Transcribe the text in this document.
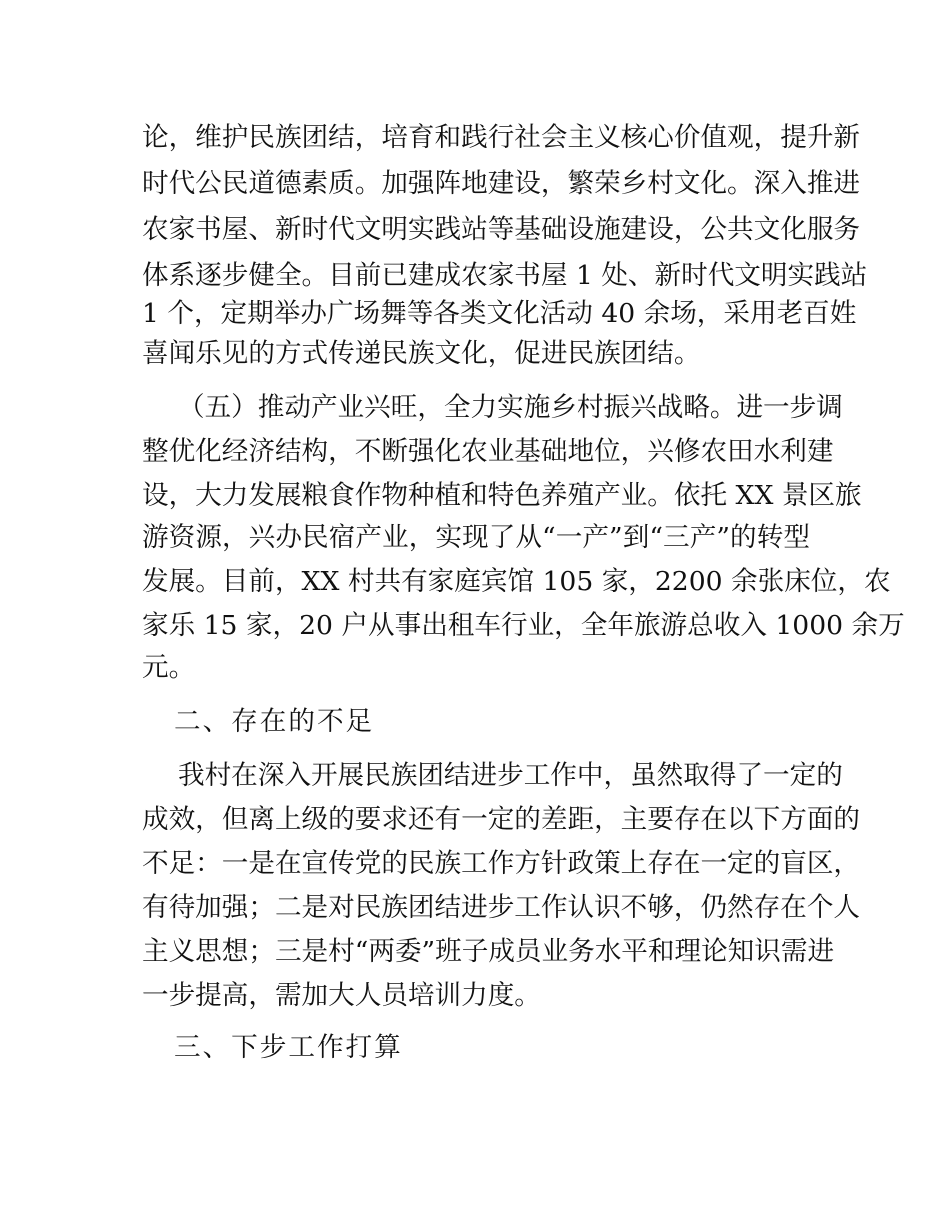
论，维护民族团结，培育和践行社会主义核心价值观，提升新
时代公民道德素质。加强阵地建设，繁荣乡村文化。深入推进
农家书屋、新时代文明实践站等基础设施建设，公共文化服务
体系逐步健全。目前已建成农家书屋 1 处、新时代文明实践站
1 个，定期举办广场舞等各类文化活动 40 余场，采用老百姓
喜闻乐见的方式传递民族文化，促进民族团结。
（五）推动产业兴旺，全力实施乡村振兴战略。进一步调
整优化经济结构，不断强化农业基础地位，兴修农田水利建
设，大力发展粮食作物种植和特色养殖产业。依托 XX 景区旅
游资源，兴办民宿产业，实现了从“一产”到“三产”的转型
发展。目前，XX 村共有家庭宾馆 105 家，2200 余张床位，农
家乐 15 家，20 户从事出租车行业，全年旅游总收入 1000 余万
元。
二、存在的不足
我村在深入开展民族团结进步工作中，虽然取得了一定的
成效，但离上级的要求还有一定的差距，主要存在以下方面的
不足：一是在宣传党的民族工作方针政策上存在一定的盲区，
有待加强；二是对民族团结进步工作认识不够，仍然存在个人
主义思想；三是村“两委”班子成员业务水平和理论知识需进
一步提高，需加大人员培训力度。
三、下步工作打算
